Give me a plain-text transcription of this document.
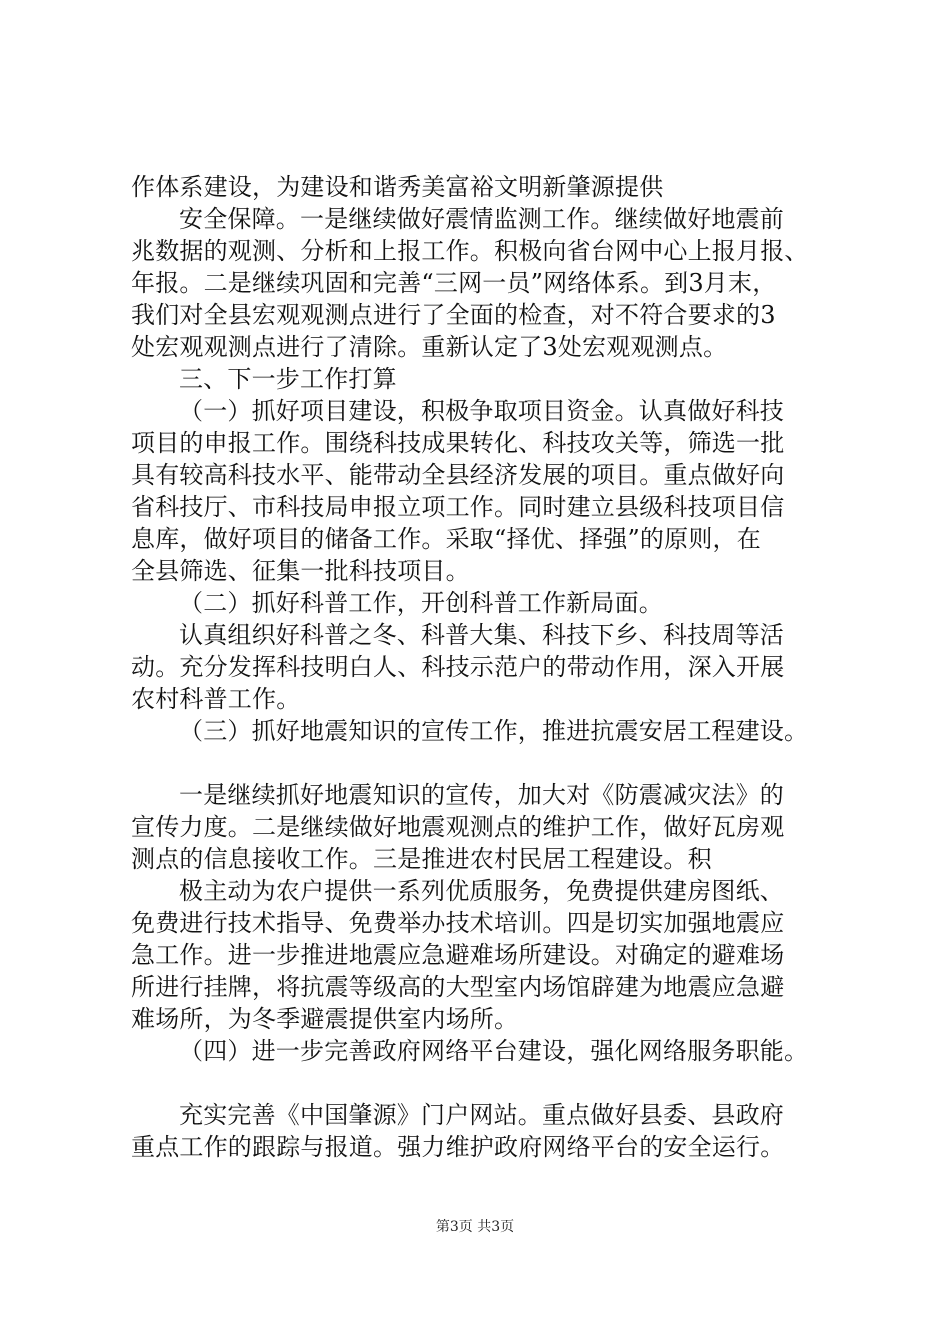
作体系建设，为建设和谐秀美富裕文明新肇源提供
安全保障。一是继续做好震情监测工作。继续做好地震前
兆数据的观测、分析和上报工作。积极向省台网中心上报月报、
年报。二是继续巩固和完善“三网一员”网络体系。到3月末，
我们对全县宏观观测点进行了全面的检查，对不符合要求的3
处宏观观测点进行了清除。重新认定了3处宏观观测点。
三、下一步工作打算
（一）抓好项目建设，积极争取项目资金。认真做好科技
项目的申报工作。围绕科技成果转化、科技攻关等，筛选一批
具有较高科技水平、能带动全县经济发展的项目。重点做好向
省科技厅、市科技局申报立项工作。同时建立县级科技项目信
息库，做好项目的储备工作。采取“择优、择强”的原则，在
全县筛选、征集一批科技项目。
（二）抓好科普工作，开创科普工作新局面。
认真组织好科普之冬、科普大集、科技下乡、科技周等活
动。充分发挥科技明白人、科技示范户的带动作用，深入开展
农村科普工作。
（三）抓好地震知识的宣传工作，推进抗震安居工程建设。
一是继续抓好地震知识的宣传，加大对《防震减灾法》的
宣传力度。二是继续做好地震观测点的维护工作，做好瓦房观
测点的信息接收工作。三是推进农村民居工程建设。积
极主动为农户提供一系列优质服务，免费提供建房图纸、
免费进行技术指导、免费举办技术培训。四是切实加强地震应
急工作。进一步推进地震应急避难场所建设。对确定的避难场
所进行挂牌，将抗震等级高的大型室内场馆辟建为地震应急避
难场所，为冬季避震提供室内场所。
（四）进一步完善政府网络平台建设，强化网络服务职能。
充实完善《中国肇源》门户网站。重点做好县委、县政府
重点工作的跟踪与报道。强力维护政府网络平台的安全运行。
第3页 共3页
